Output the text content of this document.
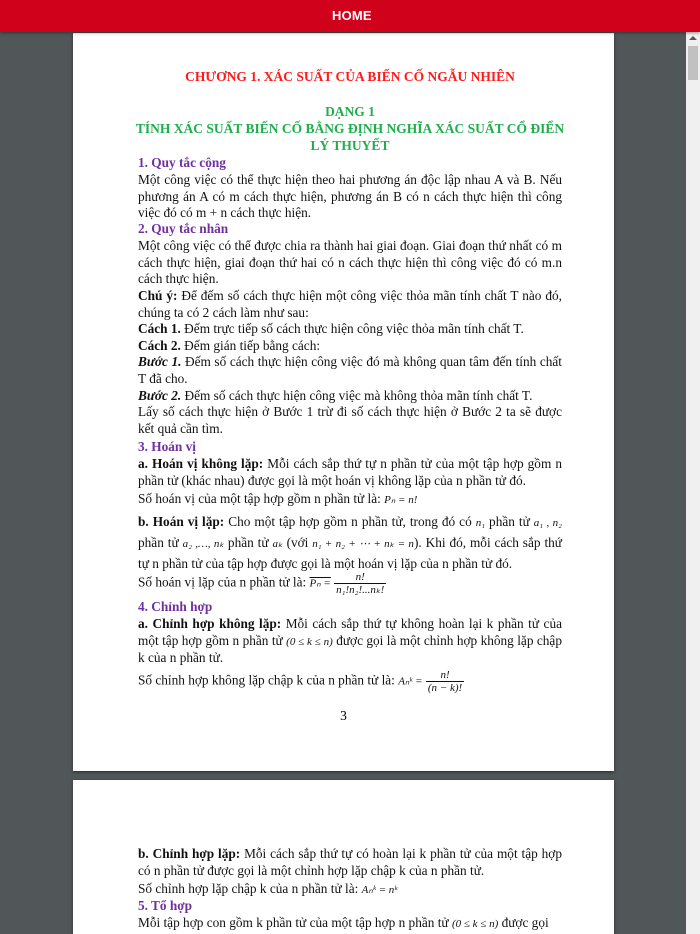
HOME
CHƯƠNG 1. XÁC SUẤT CỦA BIẾN CỐ NGẪU NHIÊN
DẠNG 1
TÍNH XÁC SUẤT BIẾN CỐ BẰNG ĐỊNH NGHĨA XÁC SUẤT CỔ ĐIỂN
LÝ THUYẾT
1. Quy tắc cộng
Một công việc có thể thực hiện theo hai phương án độc lập nhau A và B. Nếu phương án A có m cách thực hiện, phương án B có n cách thực hiện thì công việc đó có m + n cách thực hiện.
2. Quy tắc nhân
Một công việc có thể được chia ra thành hai giai đoạn. Giai đoạn thứ nhất có m cách thực hiện, giai đoạn thứ hai có n cách thực hiện thì công việc đó có m.n cách thực hiện.
Chú ý: Để đếm số cách thực hiện một công việc thỏa mãn tính chất T nào đó, chúng ta có 2 cách làm như sau:
Cách 1. Đếm trực tiếp số cách thực hiện công việc thỏa mãn tính chất T.
Cách 2. Đếm gián tiếp bằng cách:
Bước 1. Đếm số cách thực hiện công việc đó mà không quan tâm đến tính chất T đã cho.
Bước 2. Đếm số cách thực hiện công việc mà không thỏa mãn tính chất T.
Lấy số cách thực hiện ở Bước 1 trừ đi số cách thực hiện ở Bước 2 ta sẽ được kết quả cần tìm.
3. Hoán vị
a. Hoán vị không lặp: Mỗi cách sắp thứ tự n phần tử của một tập hợp gồm n phần tử (khác nhau) được gọi là một hoán vị không lặp của n phần tử đó.
Số hoán vị của một tập hợp gồm n phần tử là: Pₙ = n!
b. Hoán vị lặp: Cho một tập hợp gồm n phần tử, trong đó có n₁ phần tử a₁ , n₂ phần tử a₂ ,…, nₖ phần tử aₖ (với n₁ + n₂ + ⋯ + nₖ = n). Khi đó, mỗi cách sắp thứ tự n phần tử của tập hợp được gọi là một hoán vị lặp của n phần tử đó.
Số hoán vị lặp của n phần tử là: $P_n = \frac{n!}{\text{n₁!n₂!...nₖ!}}$
4. Chỉnh hợp
a. Chỉnh hợp không lặp: Mỗi cách sắp thứ tự không hoàn lại k phần tử của một tập hợp gồm n phần tử (0 ≤ k ≤ n) được gọi là một chỉnh hợp không lặp chập k của n phần tử.
Số chỉnh hợp không lặp chập k của n phần tử là: Aₙᵏ = $\frac{n!}{(n - k)!}$
3
b. Chỉnh hợp lặp: Mỗi cách sắp thứ tự có hoàn lại k phần tử của một tập hợp có n phần tử được gọi là một chỉnh hợp lặp chập k của n phần tử.
Số chỉnh hợp lặp chập k của n phần tử là: Aₙᵏ = nᵏ
5. Tổ hợp
Mỗi tập hợp con gồm k phần tử của một tập hợp n phần tử (0 ≤ k ≤ n) được gọi
